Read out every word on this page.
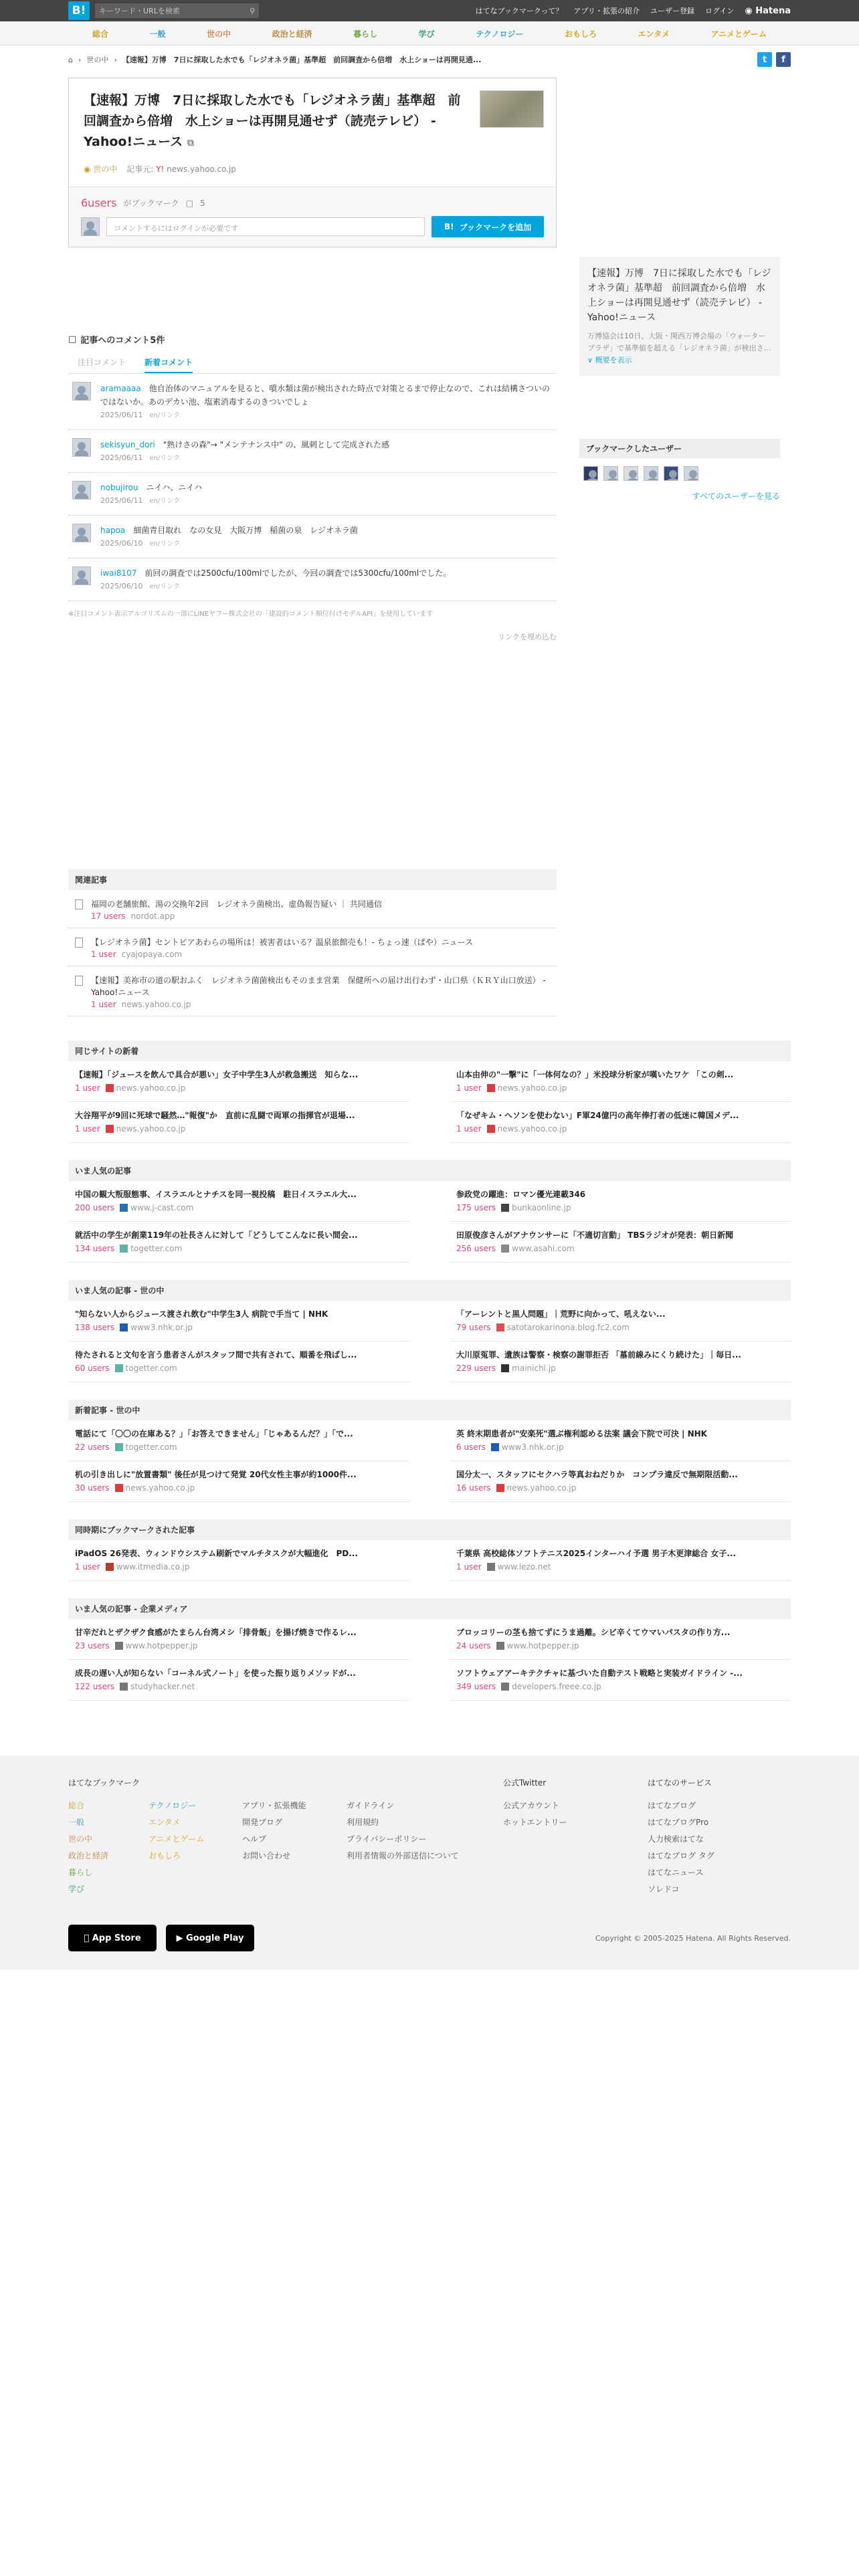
B!	キーワード・URLを検索	⚲	はてなブックマークって？ アプリ・拡張の紹介 ユーザー登録 ログイン ◉ Hatena
総合	一般	世の中	政治と経済	暮らし	学び	テクノロジー	おもしろ	エンタメ	アニメとゲーム
⌂ › 世の中 › 【速報】万博　7日に採取した水でも「レジオネラ菌」基準超　前回調査から倍増　水上ショーは再開見通...	t	f
【速報】万博　7日に採取した水でも「レジオネラ菌」基準超　前回調査から倍増　水上ショーは再開見通せず（読売テレビ） - Yahoo!ニュース ⧉
◉ 世の中 記事元: Y! news.yahoo.co.jp
6users がブックマーク □ 5
コメントするにはログインが必要です	B! ブックマークを追加
□ 記事へのコメント5件
注目コメント 新着コメント
aramaaaa 他自治体のマニュアルを見ると、噴水類は菌が検出された時点で対策とるまで停止なので、これは結構さついのではないか。あのデカい池、塩素消毒するのきついでしょ
2025/06/11 en/リンク
sekisyun_dori "熟けさの森"→ "メンテナンス中" の、風刺として完成された感
2025/06/11 en/リンク
nobujirou ニイハ、ニイハ
2025/06/11 en/リンク
hapoa 細菌青目取れ　なの女見　大阪万博　稲菌の泉　レジオネラ菌
2025/06/10 en/リンク
iwai8107 前回の調査では2500cfu/100mlでしたが、今回の調査では5300cfu/100mlでした。
2025/06/10 en/リンク
※注目コメント表示アルゴリズムの一部にLINEヤフー株式会社の「建設的コメント順位付けモデルAPI」を使用しています
リンクを埋め込む
関連記事
福岡の老舗旅館、湯の交換年2回　レジオネラ菌検出、虚偽報告疑い ｜ 共同通信
17 users nordot.app
【レジオネラ菌】セントビアあわらの場所は！被害者はいる？温泉旅館売も！- ちょっ速（ぱや）ニュース
1 user cyajopaya.com
【速報】美祢市の道の駅おふく　レジオネラ菌菌検出もそのまま営業　保健所への届け出行わず・山口県（ＫＲＹ山口放送） - Yahoo!ニュース
1 user news.yahoo.co.jp
【速報】万博　7日に採取した水でも「レジオネラ菌」基準超　前回調査から倍増　水上ショーは再開見通せず（読売テレビ） - Yahoo!ニュース

万博協会は10日、大阪・関西万博会場の「ウォータープラザ」で基準値を超える「レジオネラ菌」が検出さ… ∨ 概要を表示

ブックマークしたユーザー
すべてのユーザーを見る
同じサイトの新着
【速報】「ジュースを飲んで具合が悪い」女子中学生3人が救急搬送　知らな...
1 user news.yahoo.co.jp
山本由伸の"一撃"に「一体何なの？」米投球分析家が嘆いたワケ 「この剣...
1 user news.yahoo.co.jp
大谷翔平が9回に死球で騒然…"報復"か　直前に乱闘で両軍の指揮官が退場...
1 user news.yahoo.co.jp
「なぜキム・ヘソンを使わない」F軍24億円の高年俸打者の低迷に韓国メデ...
1 user news.yahoo.co.jp
いま人気の記事
中国の観大叛服態事、イスラエルとナチスを同一視投稿　駐日イスラエル大...
200 users www.j-cast.com
参政党の躍進：ロマン優光連載346
175 users bunkaonline.jp
就活中の学生が創業119年の社長さんに対して「どうしてこんなに長い間会...
134 users togetter.com
田原俊彦さんがアナウンサーに「不適切言動」 TBSラジオが発表：朝日新聞
256 users www.asahi.com
いま人気の記事 - 世の中
"知らない人からジュース渡され飲む"中学生3人 病院で手当て | NHK
138 users www3.nhk.or.jp
「アーレントと黒人問題」｜荒野に向かって、吼えない...
79 users satotarokarinona.blog.fc2.com
待たされると文句を言う患者さんがスタッフ間で共有されて、順番を飛ばし...
60 users togetter.com
大川原冤罪、遺族は警察・検察の謝罪拒否 「墓前線みにくり続けた」｜毎日...
229 users mainichi.jp
新着記事 - 世の中
電話にて「〇〇の在庫ある？」「お答えできません」「じゃあるんだ？」「で...
22 users togetter.com
英 終末期患者が"安楽死"選ぶ権利認める法案 議会下院で可決 | NHK
6 users www3.nhk.or.jp
机の引き出しに"放置書類" 後任が見つけて発覚 20代女性主事が約1000件...
30 users news.yahoo.co.jp
国分太一、スタッフにセクハラ等真おねだりか　コンプラ違反で無期限活動...
16 users news.yahoo.co.jp
同時期にブックマークされた記事
iPadOS 26発表、ウィンドウシステム刷新でマルチタスクが大幅進化　PD...
1 user www.itmedia.co.jp
千葉県 高校総体ソフトテニス2025インターハイ予選 男子木更津総合 女子...
1 user www.iezo.net
いま人気の記事 - 企業メディア
甘辛だれとザクザク食感がたまらん台湾メシ「排骨飯」を揚げ焼きで作るレ...
23 users www.hotpepper.jp
ブロッコリーの茎も捨てずにうま過離。シビ辛くてウマいパスタの作り方...
24 users www.hotpepper.jp
成長の遅い人が知らない「コーネル式ノート」を使った振り返りメソッドが...
122 users studyhacker.net
ソフトウェアアーキテクチャに基づいた自動テスト戦略と実装ガイドライン -...
349 users developers.freee.co.jp
はてなブックマーク
総合	テクノロジー
一般	エンタメ
世の中	アニメとゲーム
政治と経済	おもしろ
暮らし
学び
アプリ・拡張機能
開発ブログ
ヘルプ
お問い合わせ
ガイドライン
利用規約
プライバシーポリシー
利用者情報の外部送信について
公式Twitter
公式アカウント
ホットエントリー
はてなのサービス
はてなブログ
はてなブログPro
人力検索はてな
はてなブログ タグ
はてなニュース
ソレドコ

App Store	▶
Google Play	Copyright © 2005-2025 Hatena. All Rights Reserved.
